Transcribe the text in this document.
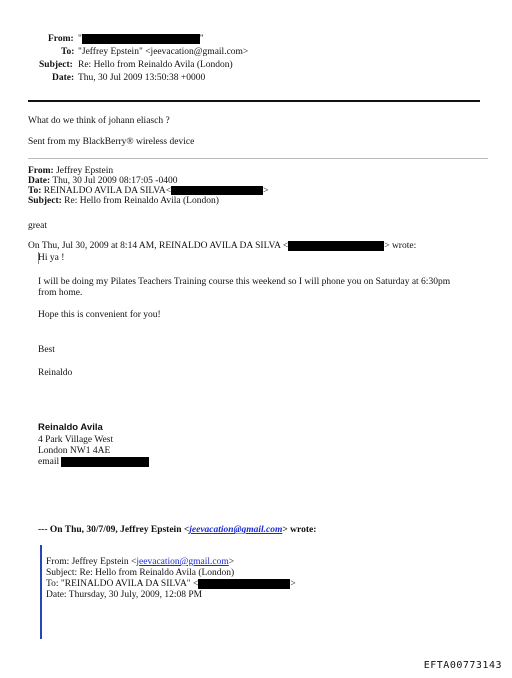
From: "	"
To: "Jeffrey Epstein" <jeevacation@gmail.com>
Subject: Re: Hello from Reinaldo Avila (London)
Date: Thu, 30 Jul 2009 13:50:38 +0000
What do we think of johann eliasch ?
Sent from my BlackBerry® wireless device
From: Jeffrey Epstein
Date: Thu, 30 Jul 2009 08:17:05 -0400
To: REINALDO AVILA DA SILVA<	>
Subject: Re: Hello from Reinaldo Avila (London)
great
On Thu, Jul 30, 2009 at 8:14 AM, REINALDO AVILA DA SILVA <	> wrote:
Hi ya !
I will be doing my Pilates Teachers Training course this weekend so I will phone you on Saturday at 6:30pm
from home.
Hope this is convenient for you!
Best
Reinaldo
Reinaldo Avila
4 Park Village West
London NW1 4AE
email
--- On Thu, 30/7/09, Jeffrey Epstein <jeevacation@gmail.com> wrote:
From: Jeffrey Epstein <jeevacation@gmail.com>
Subject: Re: Hello from Reinaldo Avila (London)
To: "REINALDO AVILA DA SILVA" <	>
Date: Thursday, 30 July, 2009, 12:08 PM
EFTA00773143
